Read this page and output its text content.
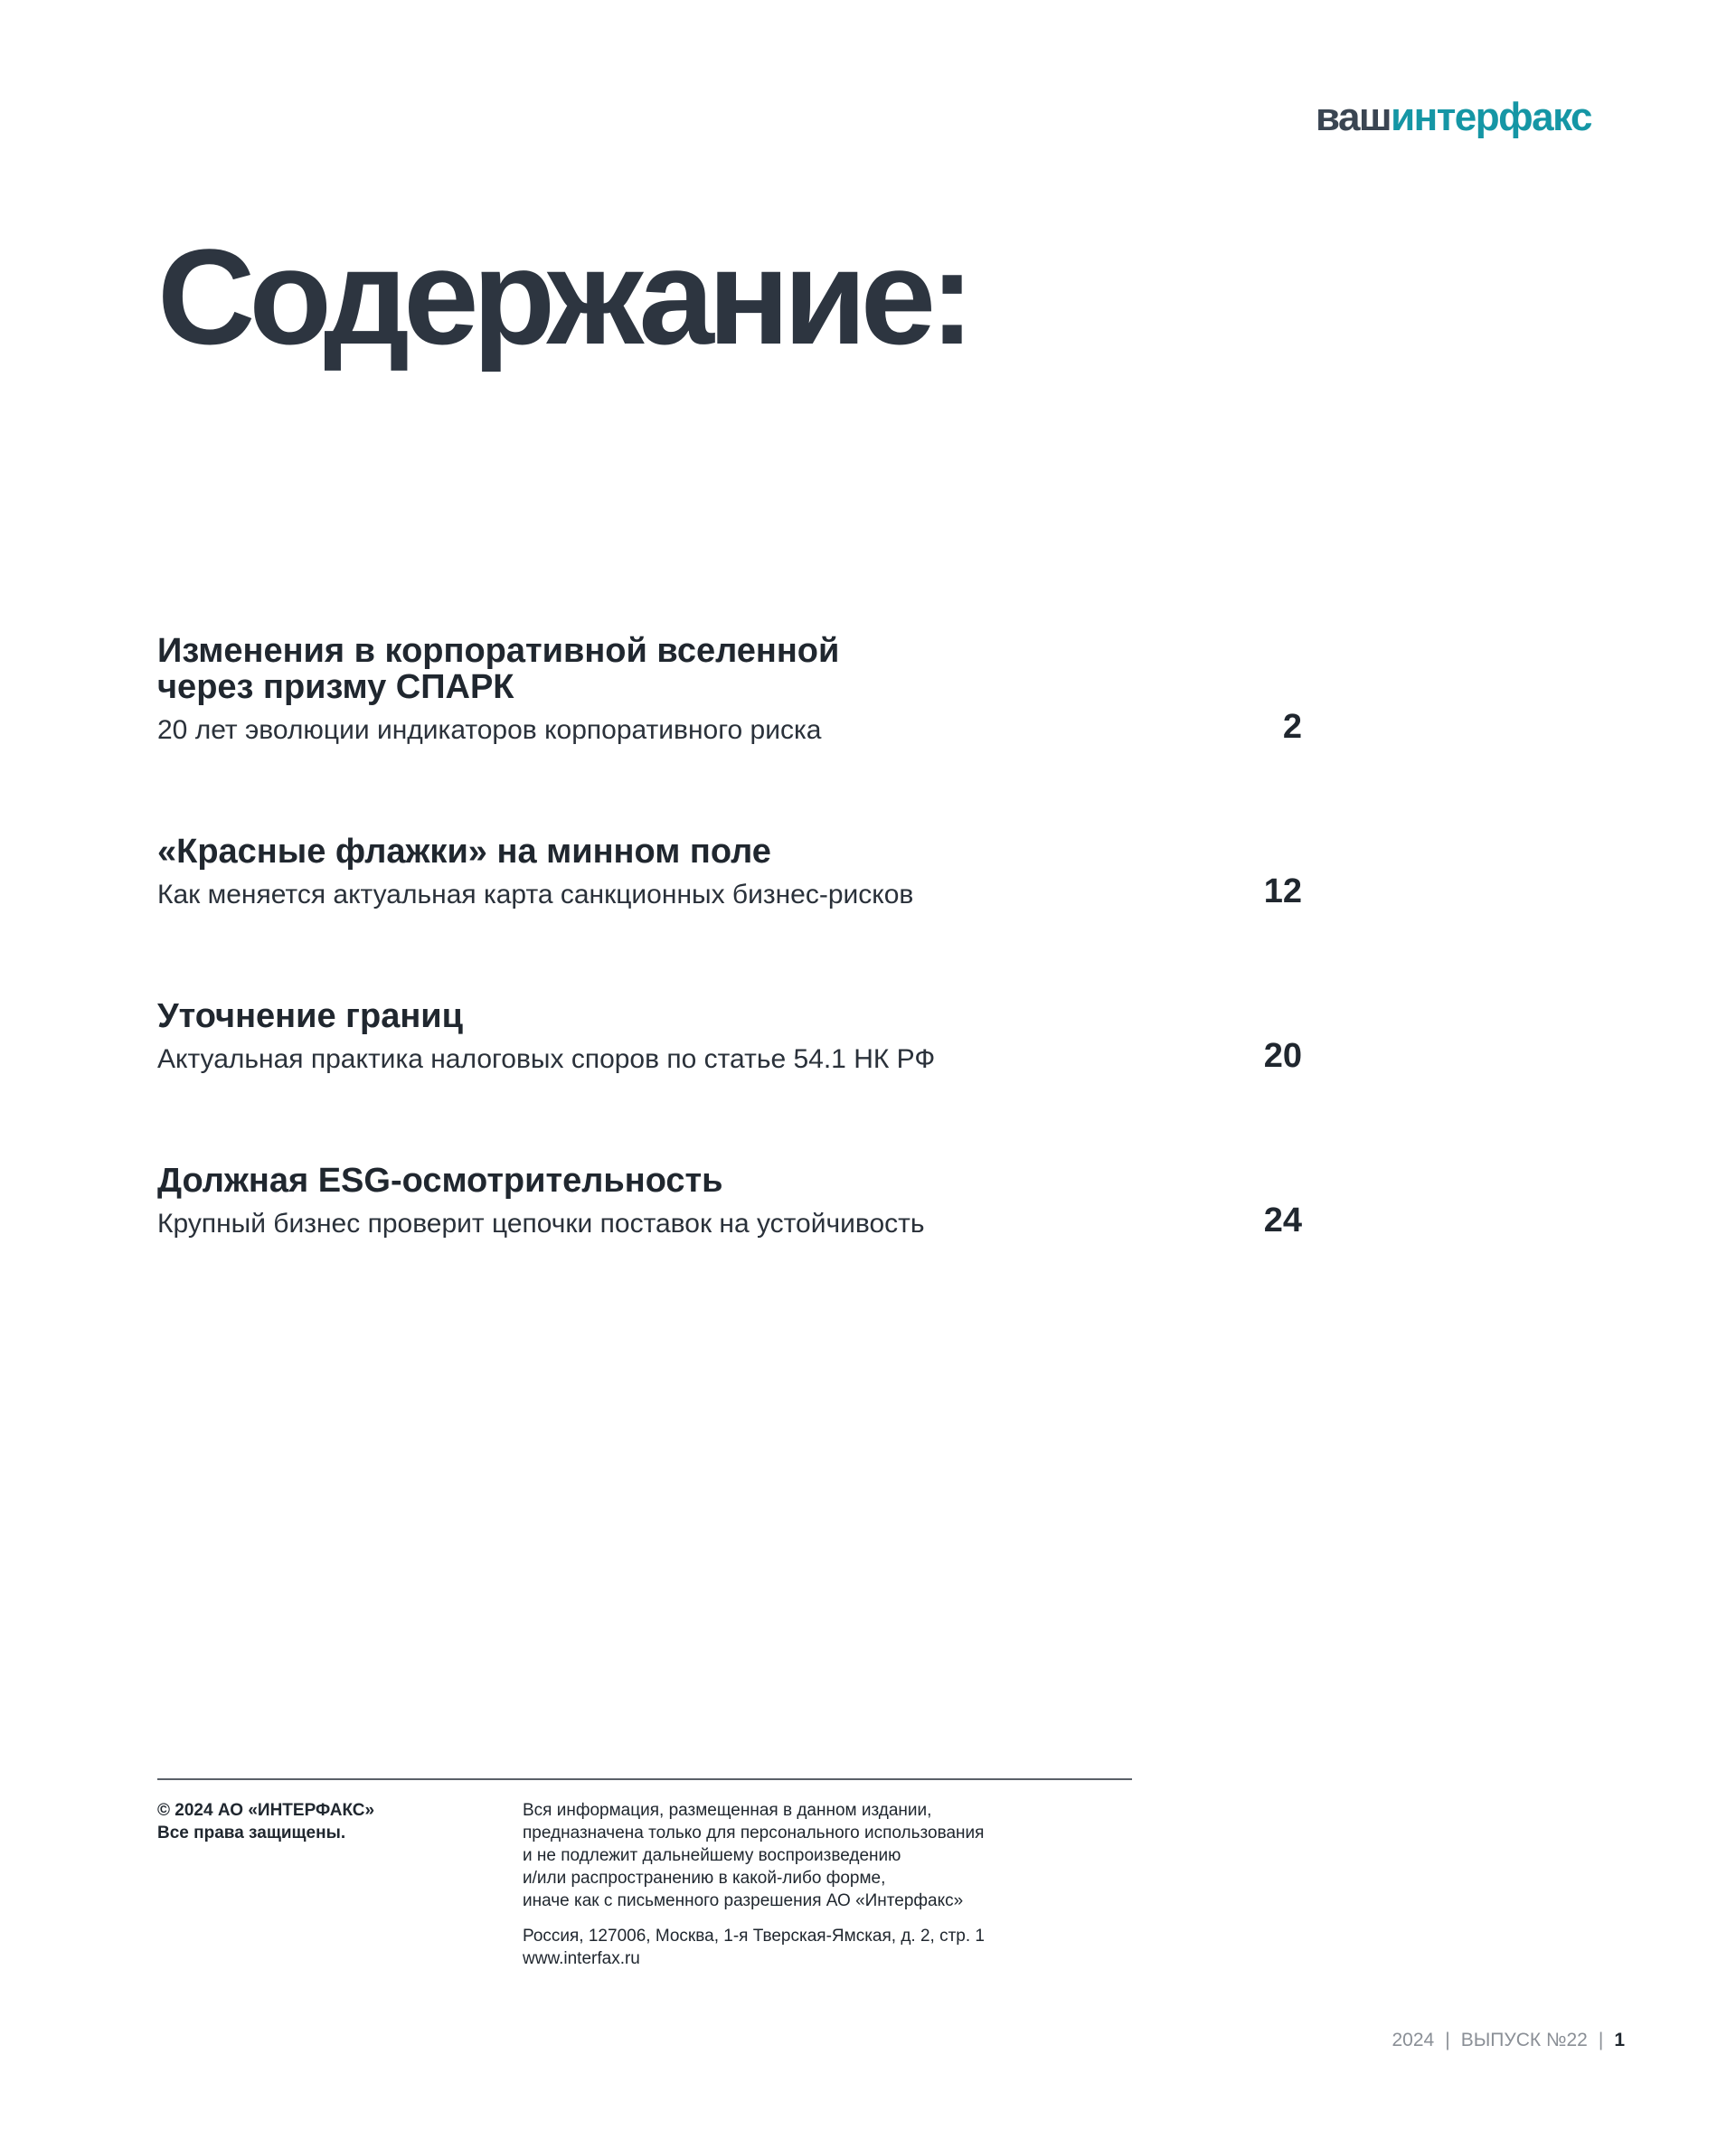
вашинтерфакс
Содержание:
Изменения в корпоративной вселенной
через призму СПАРК
20 лет эволюции индикаторов корпоративного риска	2
«Красные флажки» на минном поле
Как меняется актуальная карта санкционных бизнес-рисков	12
Уточнение границ
Актуальная практика налоговых споров по статье 54.1 НК РФ	20
Должная ESG-осмотрительность
Крупный бизнес проверит цепочки поставок на устойчивость	24
© 2024 АО «ИНТЕРФАКС»
Все права защищены.
Вся информация, размещенная в данном издании,
предназначена только для персонального использования
и не подлежит дальнейшему воспроизведению
и/или распространению в какой-либо форме,
иначе как с письменного разрешения АО «Интерфакс»
Россия, 127006, Москва, 1-я Тверская-Ямская, д. 2, стр. 1
www.interfax.ru
2024 | ВЫПУСК №22 | 1
